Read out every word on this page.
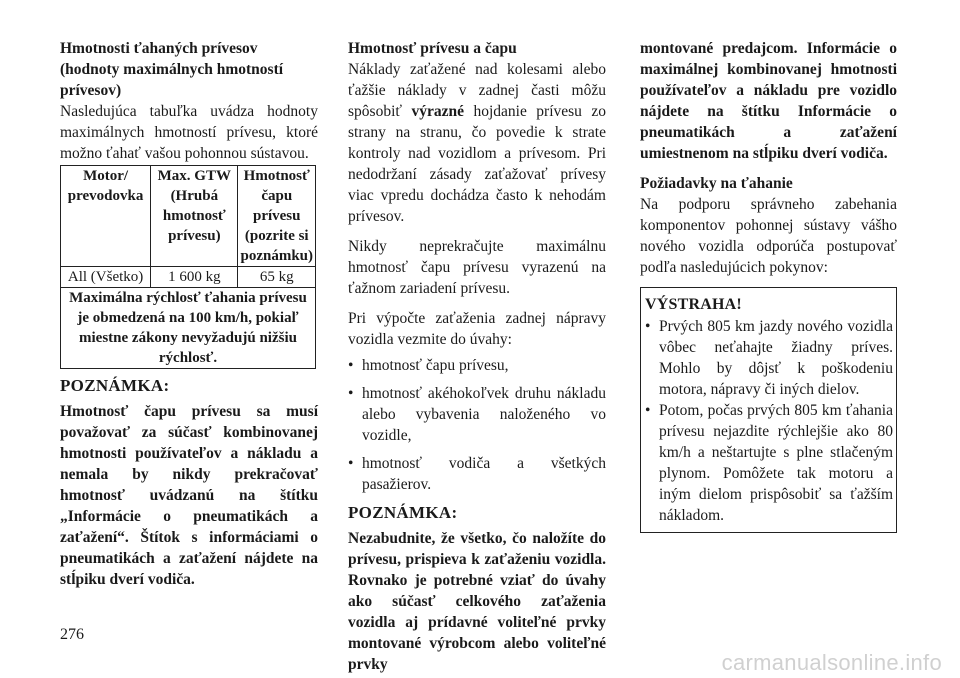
Hmotnosti ťahaných prívesov (hodnoty maximálnych hmotností prívesov)

Nasledujúca tabuľka uvádza hodnoty maximálnych hmotností prívesu, ktoré možno ťahať vašou pohonnou sústavou.

Motor/ prevodovka	Max. GTW (Hrubá hmotnosť prívesu)	Hmotnosť čapu prívesu (pozrite si poznámku)
All (Všetko)	1 600 kg	65 kg
Maximálna rýchlosť ťahania prívesu je obmedzená na 100 km/h, pokiaľ miestne zákony nevyžadujú nižšiu rýchlosť.		

POZNÁMKA:

Hmotnosť čapu prívesu sa musí považovať za súčasť kombinovanej hmotnosti používateľov a nákladu a nemala by nikdy prekračovať hmotnosť uvádzanú na štítku „Informácie o pneumatikách a zaťažení“. Štítok s informáciami o pneumatikách a zaťažení nájdete na stĺpiku dverí vodiča.

Hmotnosť prívesu a čapu

Náklady zaťažené nad kolesami alebo ťažšie náklady v zadnej časti môžu spôsobiť výrazné hojdanie prívesu zo strany na stranu, čo povedie k strate kontroly nad vozidlom a prívesom. Pri nedodržaní zásady zaťažovať prívesy viac vpredu dochádza často k nehodám prívesov.

Nikdy neprekračujte maximálnu hmotnosť čapu prívesu vyrazenú na ťažnom zariadení prívesu.

Pri výpočte zaťaženia zadnej nápravy vozidla vezmite do úvahy:

• hmotnosť čapu prívesu,
• hmotnosť akéhokoľvek druhu nákladu alebo vybavenia naloženého vo vozidle,
• hmotnosť vodiča a všetkých pasažierov.

POZNÁMKA:

Nezabudnite, že všetko, čo naložíte do prívesu, prispieva k zaťaženiu vozidla. Rovnako je potrebné vziať do úvahy ako súčasť celkového zaťaženia vozidla aj prídavné voliteľné prvky montované výrobcom alebo voliteľné prvky

montované predajcom. Informácie o maximálnej kombinovanej hmotnosti používateľov a nákladu pre vozidlo nájdete na štítku Informácie o pneumatikách a zaťažení umiestnenom na stĺpiku dverí vodiča.

Požiadavky na ťahanie

Na podporu správneho zabehania komponentov pohonnej sústavy vášho nového vozidla odporúča postupovať podľa nasledujúcich pokynov:

VÝSTRAHA!
• Prvých 805 km jazdy nového vozidla vôbec neťahajte žiadny príves. Mohlo by dôjsť k poškodeniu motora, nápravy či iných dielov.
• Potom, počas prvých 805 km ťahania prívesu nejazdite rýchlejšie ako 80 km/h a neštartujte s plne stlačeným plynom. Pomôžete tak motoru a iným dielom prispôsobiť sa ťažším nákladom.
276
carmanualsonline.info
